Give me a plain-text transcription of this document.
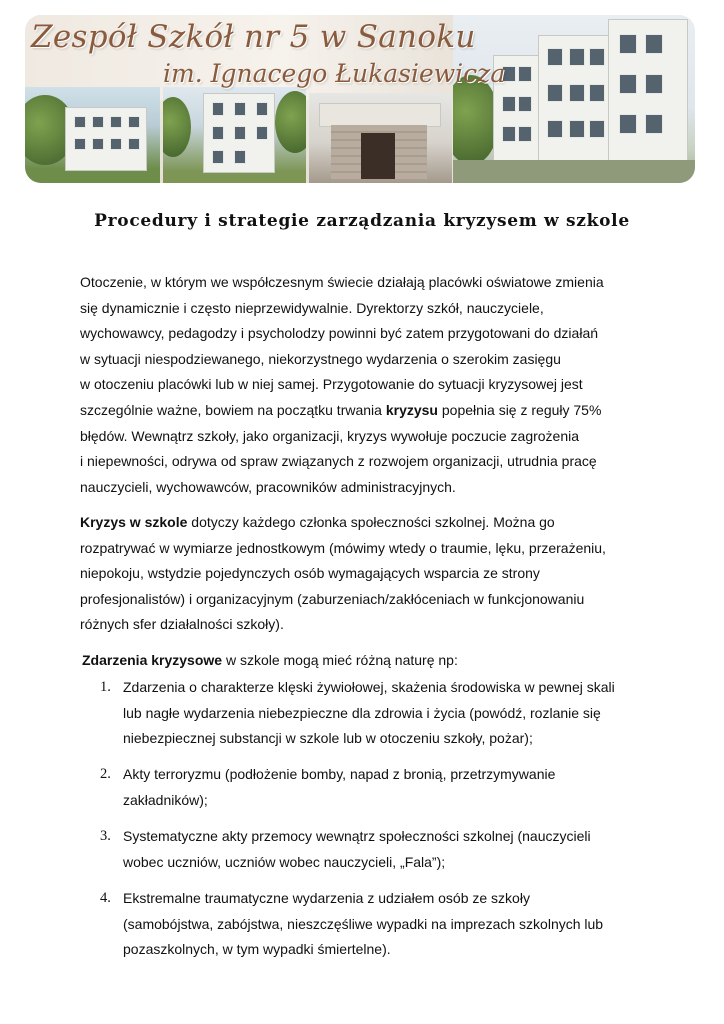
Zespół Szkół nr 5 w Sanoku
im. Ignacego Łukasiewicza
Procedury i strategie zarządzania kryzysem w szkole

Otoczenie, w którym we współczesnym świecie działają placówki oświatowe zmienia
się dynamicznie i często nieprzewidywalnie. Dyrektorzy szkół, nauczyciele,
wychowawcy, pedagodzy i psycholodzy powinni być zatem przygotowani do działań
w sytuacji niespodziewanego, niekorzystnego wydarzenia o szerokim zasięgu
w otoczeniu placówki lub w niej samej. Przygotowanie do sytuacji kryzysowej jest
szczególnie ważne, bowiem na początku trwania kryzysu popełnia się z reguły 75%
błędów. Wewnątrz szkoły, jako organizacji, kryzys wywołuje poczucie zagrożenia
i niepewności, odrywa od spraw związanych z rozwojem organizacji, utrudnia pracę
nauczycieli, wychowawców, pracowników administracyjnych.

Kryzys w szkole dotyczy każdego członka społeczności szkolnej. Można go
rozpatrywać w wymiarze jednostkowym (mówimy wtedy o traumie, lęku, przerażeniu,
niepokoju, wstydzie pojedynczych osób wymagających wsparcia ze strony
profesjonalistów) i organizacyjnym (zaburzeniach/zakłóceniach w funkcjonowaniu
różnych sfer działalności szkoły).

Zdarzenia kryzysowe w szkole mogą mieć różną naturę np:

1. Zdarzenia o charakterze klęski żywiołowej, skażenia środowiska w pewnej skali
lub nagłe wydarzenia niebezpieczne dla zdrowia i życia (powódź, rozlanie się
niebezpiecznej substancji w szkole lub w otoczeniu szkoły, pożar);
2. Akty terroryzmu (podłożenie bomby, napad z bronią, przetrzymywanie
zakładników);
3. Systematyczne akty przemocy wewnątrz społeczności szkolnej (nauczycieli
wobec uczniów, uczniów wobec nauczycieli, „Fala”);
4. Ekstremalne traumatyczne wydarzenia z udziałem osób ze szkoły
(samobójstwa, zabójstwa, nieszczęśliwe wypadki na imprezach szkolnych lub
pozaszkolnych, w tym wypadki śmiertelne).
